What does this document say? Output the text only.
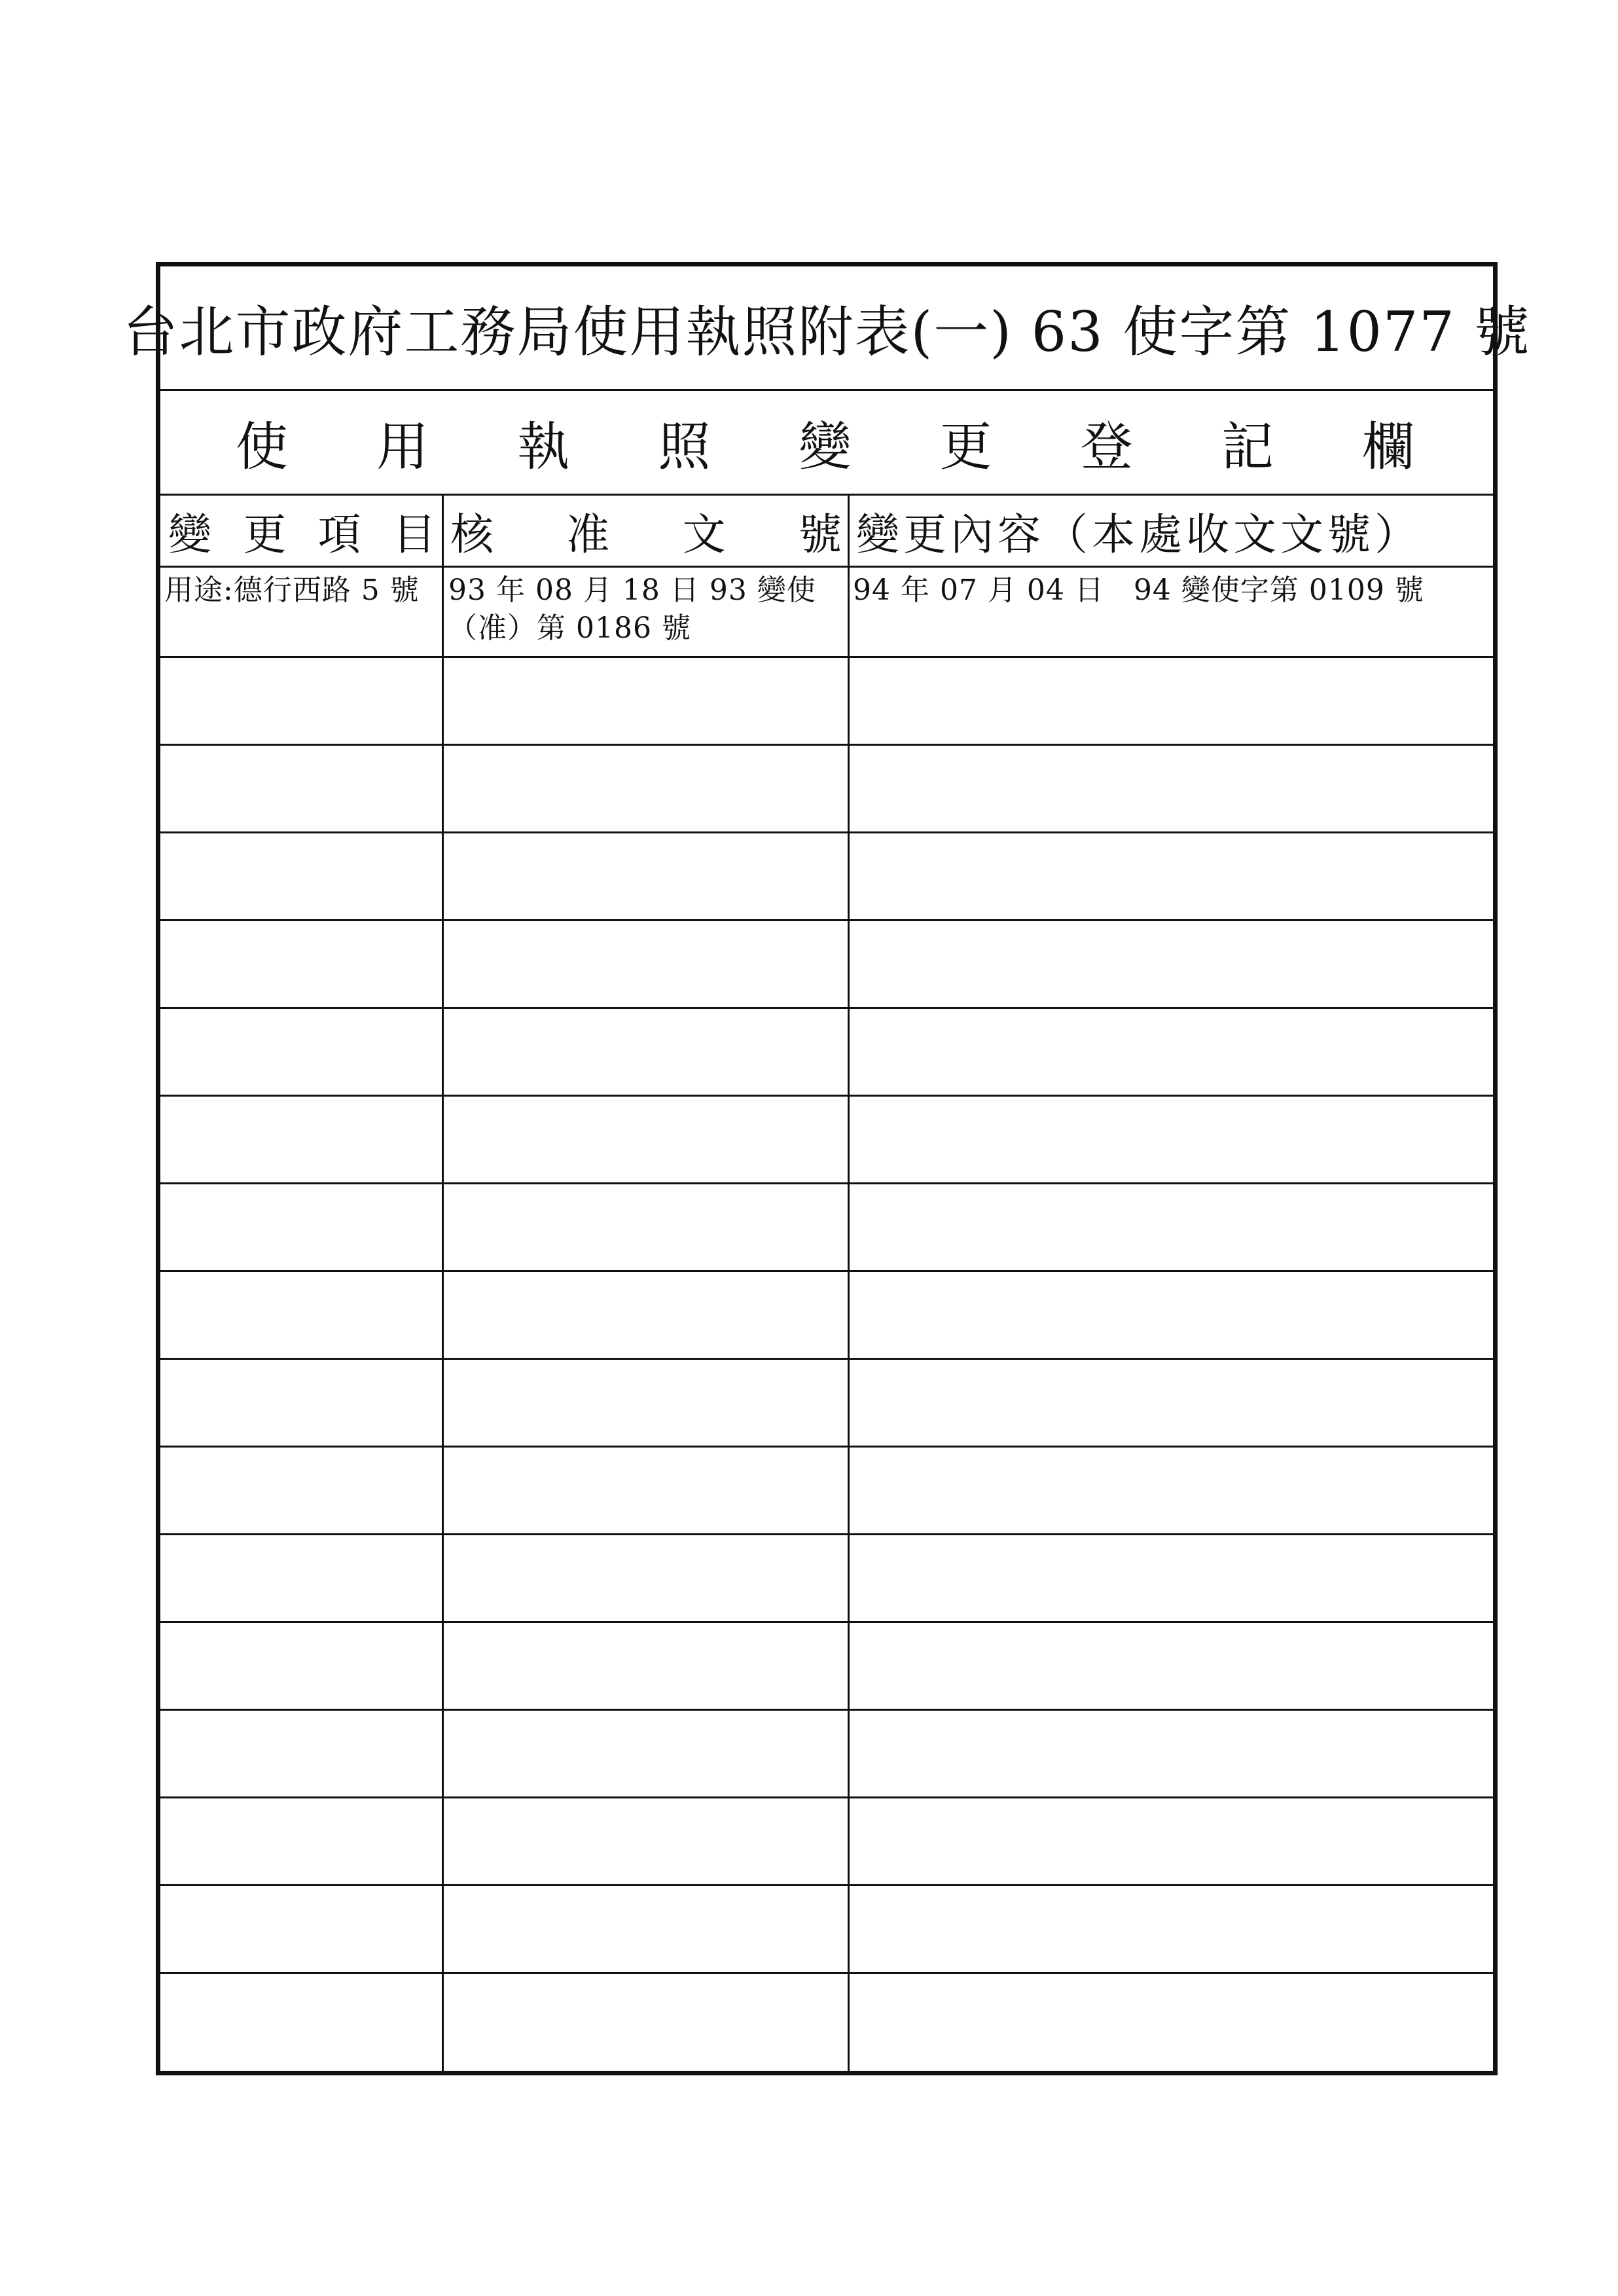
台北市政府工務局使用執照附表(一) 63 使字第 1077 號
使 用 執 照 變 更 登 記 欄
變 更 項 目 核 准 文 號 變更內容（本處收文文號）
用途:德行西路 5 號	93 年 08 月 18 日 93 變使（准）第 0186 號
94 年 07 月 04 日　94 變使字第 0109 號
